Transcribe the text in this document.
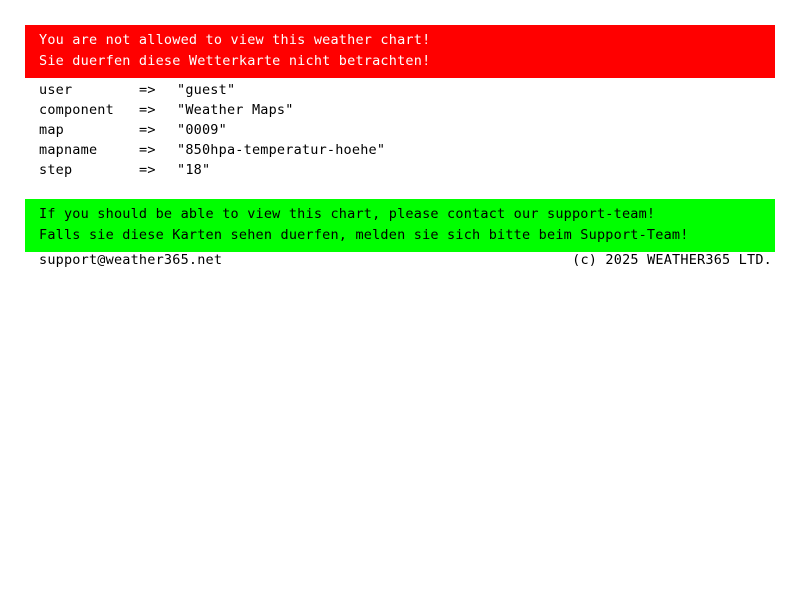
You are not allowed to view this weather chart!
Sie duerfen diese Wetterkarte nicht betrachten!
user	=>	"guest"
component	=>	"Weather Maps"
map	=>	"0009"
mapname	=>	"850hpa-temperatur-hoehe"
step	=>	"18"
If you should be able to view this chart, please contact our support-team!
Falls sie diese Karten sehen duerfen, melden sie sich bitte beim Support-Team!
support@weather365.net	(c) 2025 WEATHER365 LTD.
